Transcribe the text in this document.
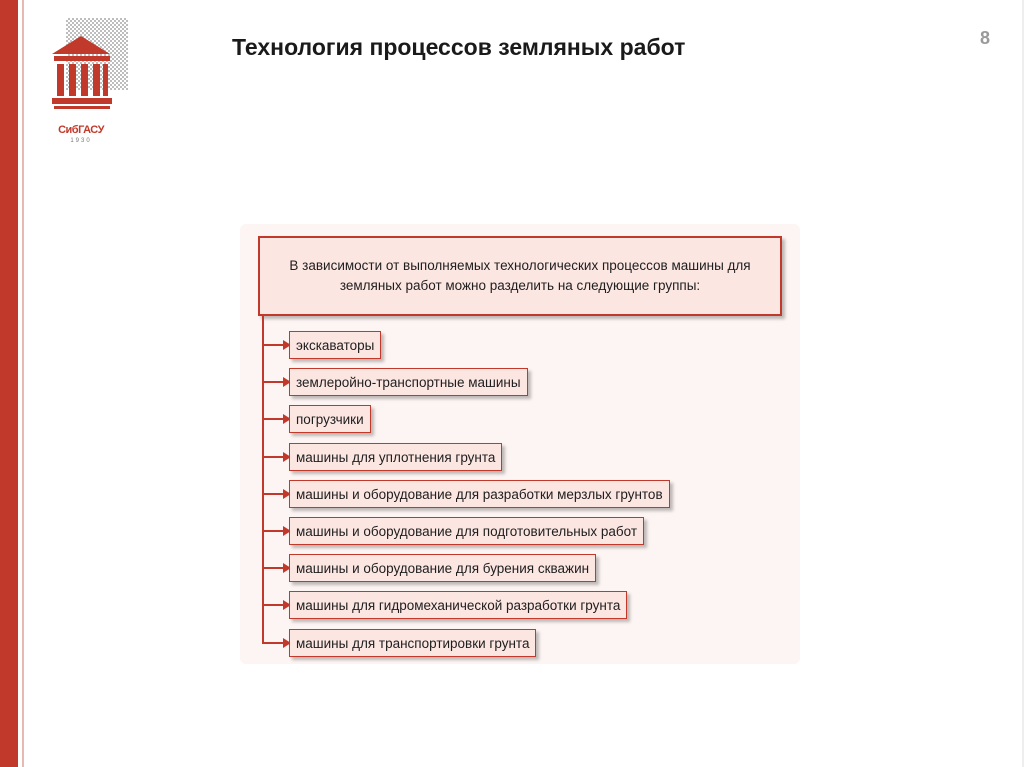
СибГАСУ
1930
Технология процессов земляных работ	8
В зависимости от выполняемых технологических процессов машины для земляных работ можно разделить на следующие группы:
экскаваторы
землеройно-транспортные машины
погрузчики
машины для уплотнения грунта
машины и оборудование для разработки мерзлых грунтов
машины и оборудование для подготовительных работ
машины и оборудование для бурения скважин
машины для гидромеханической разработки грунта
машины для транспортировки грунта
